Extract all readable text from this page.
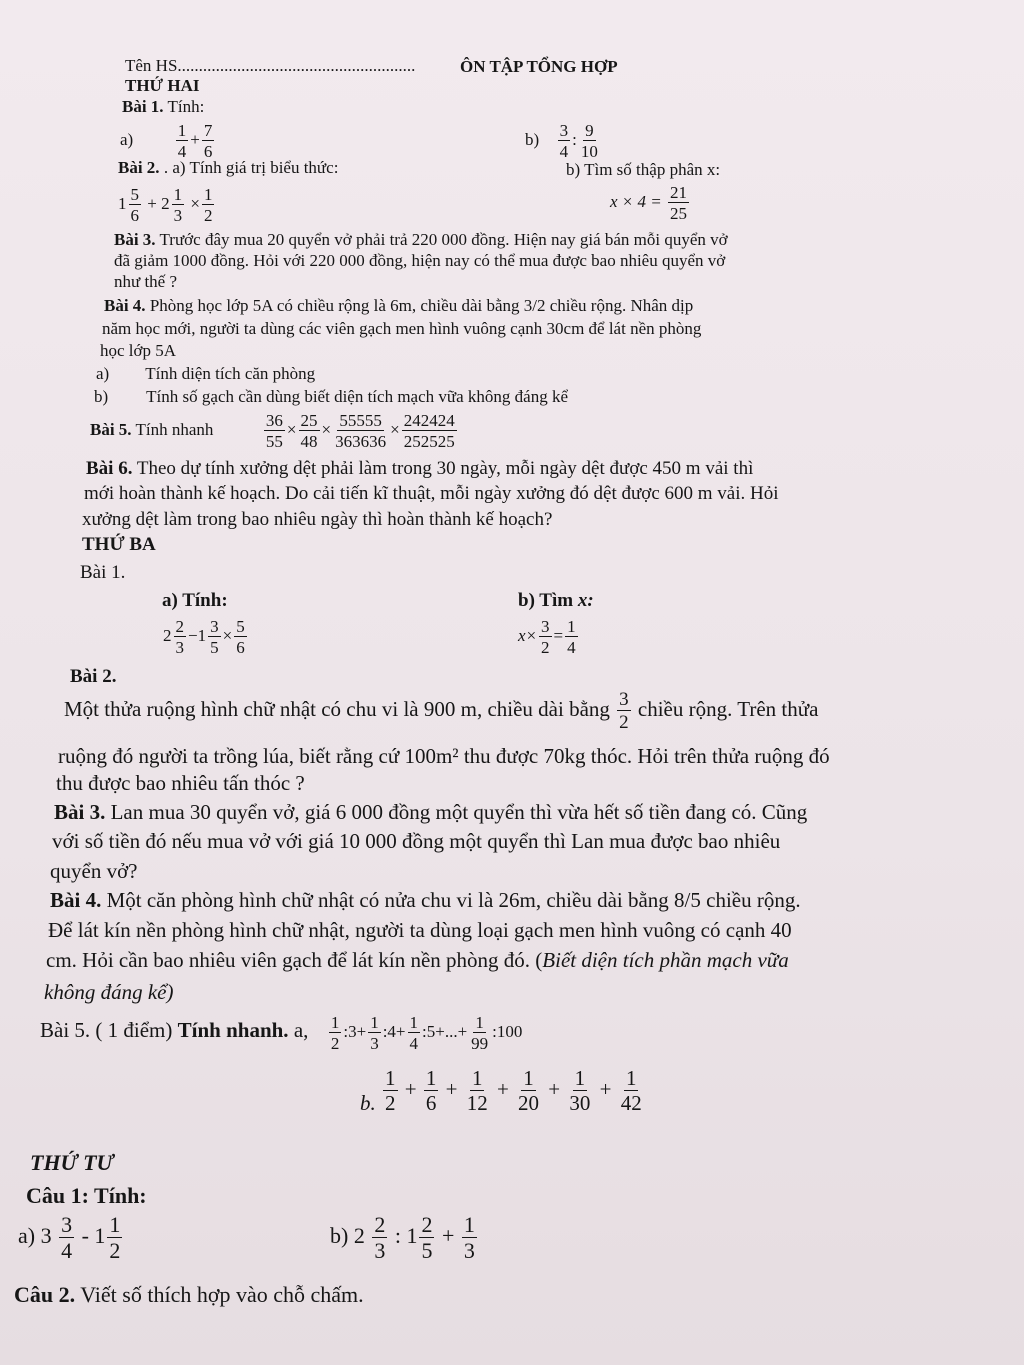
Tên HS........................................................	ÔN TẬP TỔNG HỢP
THỨ HAI
Bài 1. Tính:
a)	$\frac{1}{4} + \frac{7}{6}$	$b) \frac{3}{4}$ : $\frac{9}{10}$
Bài 2. . a) Tính giá trị biểu thức:	b) Tìm số thập phân x:
$1 \frac{5}{6} + 2 \frac{1}{3} \times \frac{1}{2}$	$x \times 4 = \frac{21}{25}$
Bài 3. Trước đây mua 20 quyển vở phải trả 220 000 đồng. Hiện nay giá bán mỗi quyển vở
đã giảm 1000 đồng. Hỏi với 220 000 đồng, hiện nay có thể mua được bao nhiêu quyển vở
như thế ?
Bài 4. Phòng học lớp 5A có chiều rộng là 6m, chiều dài bằng 3/2 chiều rộng. Nhân dịp
năm học mới, người ta dùng các viên gạch men hình vuông cạnh 30cm để lát nền phòng
học lớp 5A
a) Tính diện tích căn phòng
b) Tính số gạch cần dùng biết diện tích mạch vữa không đáng kể
Bài 5. Tính nhanh	$\frac{36}{55} \times \frac{25}{48} \times \frac{55555}{363636} \times \frac{242424}{252525}$
Bài 6. Theo dự tính xưởng dệt phải làm trong 30 ngày, mỗi ngày dệt được 450 m vải thì
mới hoàn thành kế hoạch. Do cải tiến kĩ thuật, mỗi ngày xưởng đó dệt được 600 m vải. Hỏi
xưởng dệt làm trong bao nhiêu ngày thì hoàn thành kế hoạch?
THỨ BA
Bài 1.
a) Tính:	b) Tìm x:
$2 \frac{2}{3} -1 \frac{3}{5} \times \frac{5}{6}$	$x\times \frac{3}{2} = \frac{1}{4}$
Bài 2.
Một thửa ruộng hình chữ nhật có chu vi là 900 m, chiều dài bằng $\frac{3}{2}$ chiều rộng. Trên thửa
ruộng đó người ta trồng lúa, biết rằng cứ 100m² thu được 70kg thóc. Hỏi trên thửa ruộng đó
thu được bao nhiêu tấn thóc ?
Bài 3. Lan mua 30 quyển vở, giá 6 000 đồng một quyển thì vừa hết số tiền đang có. Cũng
với số tiền đó nếu mua vở với giá 10 000 đồng một quyển thì Lan mua được bao nhiêu
quyển vở?
Bài 4. Một căn phòng hình chữ nhật có nửa chu vi là 26m, chiều dài bằng 8/5 chiều rộng.
Để lát kín nền phòng hình chữ nhật, người ta dùng loại gạch men hình vuông có cạnh 40
cm. Hỏi cần bao nhiêu viên gạch để lát kín nền phòng đó. (Biết diện tích phần mạch vữa
không đáng kể)
Bài 5. ( 1 điểm) Tính nhanh. a, $\frac{1}{2}$ :3+ $\frac{1}{3}$ :4+ $\frac{1}{4}$ :5+...+ $\frac{1}{99}$ :100
b. $\frac{1}{2} + \frac{1}{6} + \frac{1}{12} + \frac{1}{20} + \frac{1}{30} + \frac{1}{42}$
THỨ TƯ
Câu 1: Tính:
a) $3 \frac{3}{4} - 1 \frac{1}{2}$	b) $2 \frac{2}{3}$ : $1 \frac{2}{5} + \frac{1}{3}$
Câu 2. Viết số thích hợp vào chỗ chấm.
